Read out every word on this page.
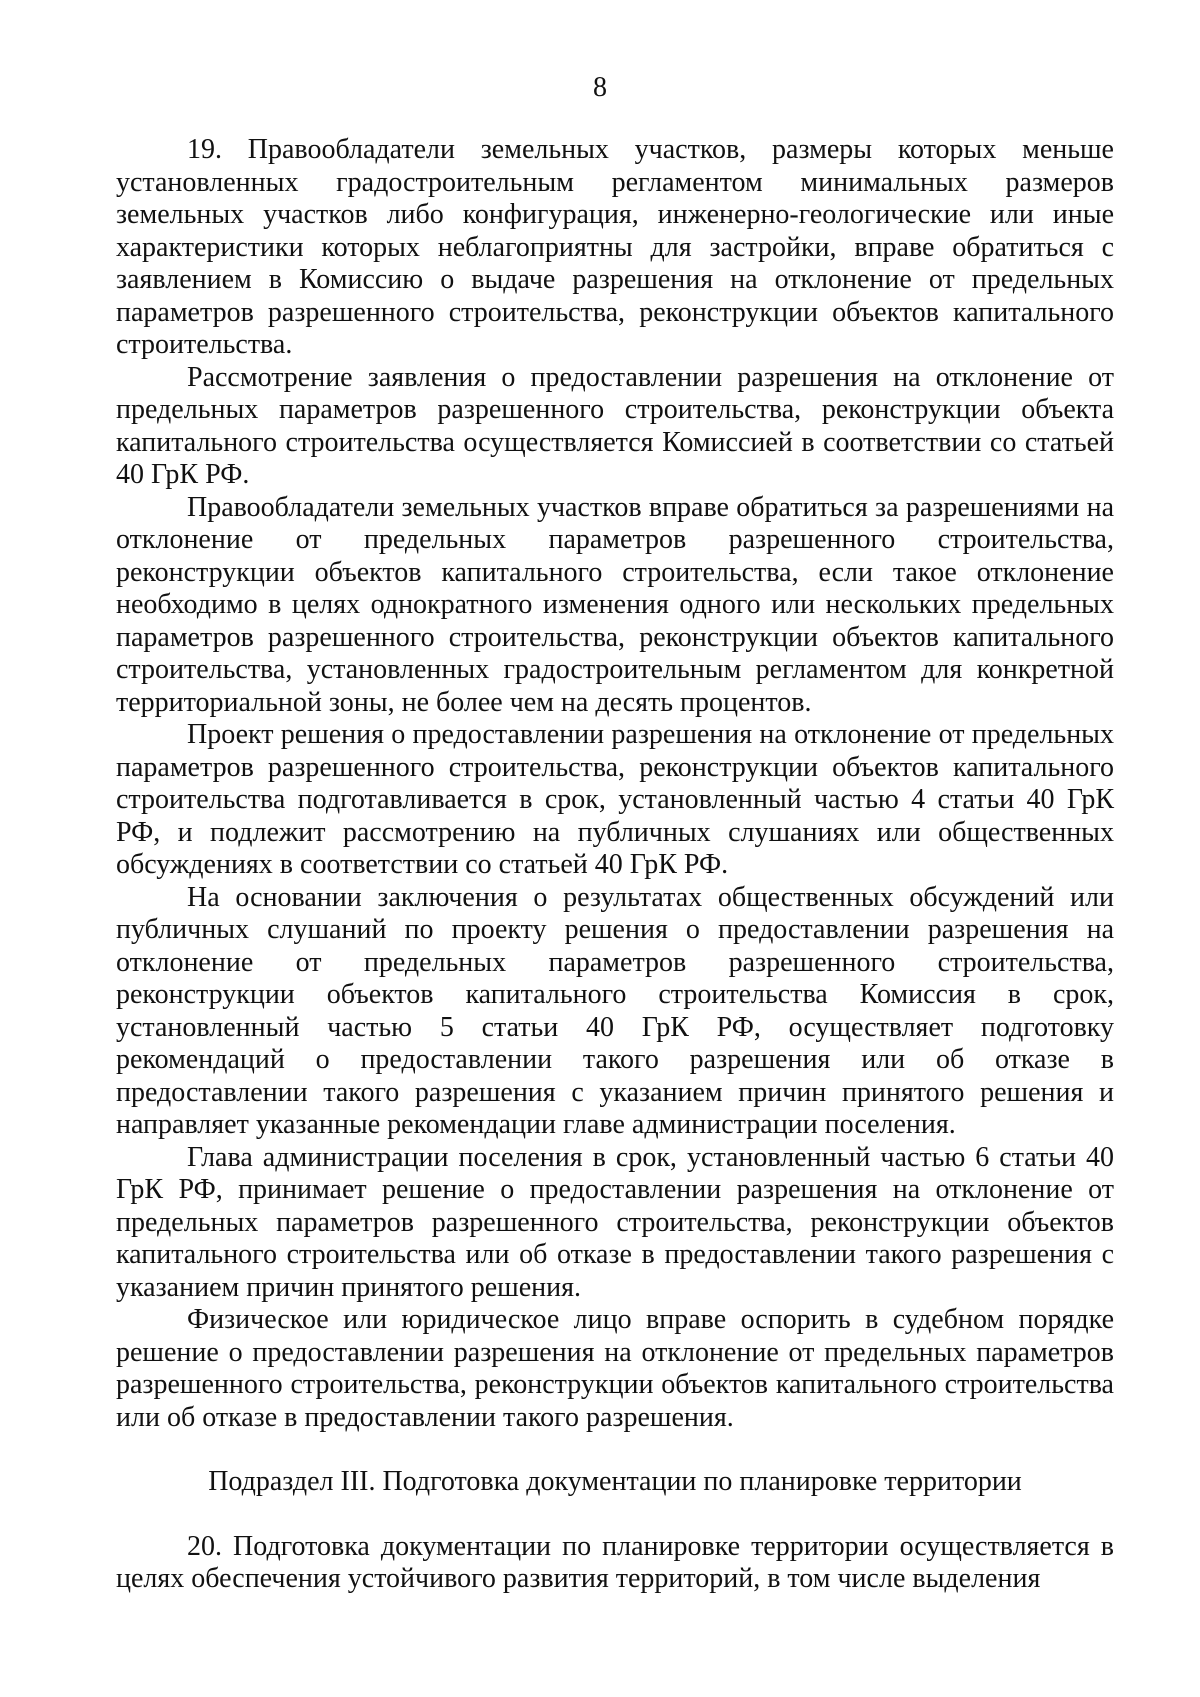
8

19. Правообладатели земельных участков, размеры которых меньше установленных градостроительным регламентом минимальных размеров земельных участков либо конфигурация, инженерно-геологические или иные характеристики которых неблагоприятны для застройки, вправе обратиться с заявлением в Комиссию о выдаче разрешения на отклонение от предельных параметров разрешенного строительства, реконструкции объектов капитального строительства.

Рассмотрение заявления о предоставлении разрешения на отклонение от предельных параметров разрешенного строительства, реконструкции объекта капитального строительства осуществляется Комиссией в соответствии со статьей 40 ГрК РФ.

Правообладатели земельных участков вправе обратиться за разрешениями на отклонение от предельных параметров разрешенного строительства, реконструкции объектов капитального строительства, если такое отклонение необходимо в целях однократного изменения одного или нескольких предельных параметров разрешенного строительства, реконструкции объектов капитального строительства, установленных градостроительным регламентом для конкретной территориальной зоны, не более чем на десять процентов.

Проект решения о предоставлении разрешения на отклонение от предельных параметров разрешенного строительства, реконструкции объектов капитального строительства подготавливается в срок, установленный частью 4 статьи 40 ГрК РФ, и подлежит рассмотрению на публичных слушаниях или общественных обсуждениях в соответствии со статьей 40 ГрК РФ.

На основании заключения о результатах общественных обсуждений или публичных слушаний по проекту решения о предоставлении разрешения на отклонение от предельных параметров разрешенного строительства, реконструкции объектов капитального строительства Комиссия в срок, установленный частью 5 статьи 40 ГрК РФ, осуществляет подготовку рекомендаций о предоставлении такого разрешения или об отказе в предоставлении такого разрешения с указанием причин принятого решения и направляет указанные рекомендации главе администрации поселения.

Глава администрации поселения в срок, установленный частью 6 статьи 40 ГрК РФ, принимает решение о предоставлении разрешения на отклонение от предельных параметров разрешенного строительства, реконструкции объектов капитального строительства или об отказе в предоставлении такого разрешения с указанием причин принятого решения.

Физическое или юридическое лицо вправе оспорить в судебном порядке решение о предоставлении разрешения на отклонение от предельных параметров разрешенного строительства, реконструкции объектов капитального строительства или об отказе в предоставлении такого разрешения.

Подраздел III. Подготовка документации по планировке территории

20. Подготовка документации по планировке территории осуществляется в целях обеспечения устойчивого развития территорий, в том числе выделения
